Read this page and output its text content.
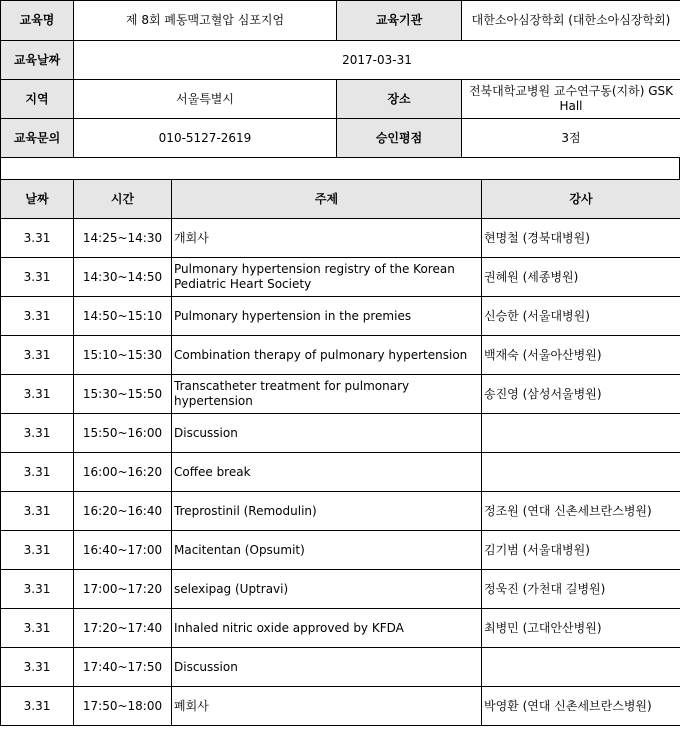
교육명	제 8회 폐동맥고혈압 심포지엄	교육기관	대한소아심장학회 (대한소아심장학회)
교육날짜	2017-03-31		
지역	서울특별시	장소	전북대학교병원 교수연구동(지하) GSK Hall
교육문의	010-5127-2619	승인평점	3점
날짜	시간	주제	강사
3.31	14:25~14:30	개회사	현명철 (경북대병원)
3.31	14:30~14:50	Pulmonary hypertension registry of the Korean Pediatric Heart Society	권혜원 (세종병원)
3.31	14:50~15:10	Pulmonary hypertension in the premies	신승한 (서울대병원)
3.31	15:10~15:30	Combination therapy of pulmonary hypertension	백재숙 (서울아산병원)
3.31	15:30~15:50	Transcatheter treatment for pulmonary hypertension	송진영 (삼성서울병원)
3.31	15:50~16:00	Discussion	
3.31	16:00~16:20	Coffee break	
3.31	16:20~16:40	Treprostinil (Remodulin)	정조원 (연대 신촌세브란스병원)
3.31	16:40~17:00	Macitentan (Opsumit)	김기범 (서울대병원)
3.31	17:00~17:20	selexipag (Uptravi)	정욱진 (가천대 길병원)
3.31	17:20~17:40	Inhaled nitric oxide approved by KFDA	최병민 (고대안산병원)
3.31	17:40~17:50	Discussion	
3.31	17:50~18:00	폐회사	박영환 (연대 신촌세브란스병원)
